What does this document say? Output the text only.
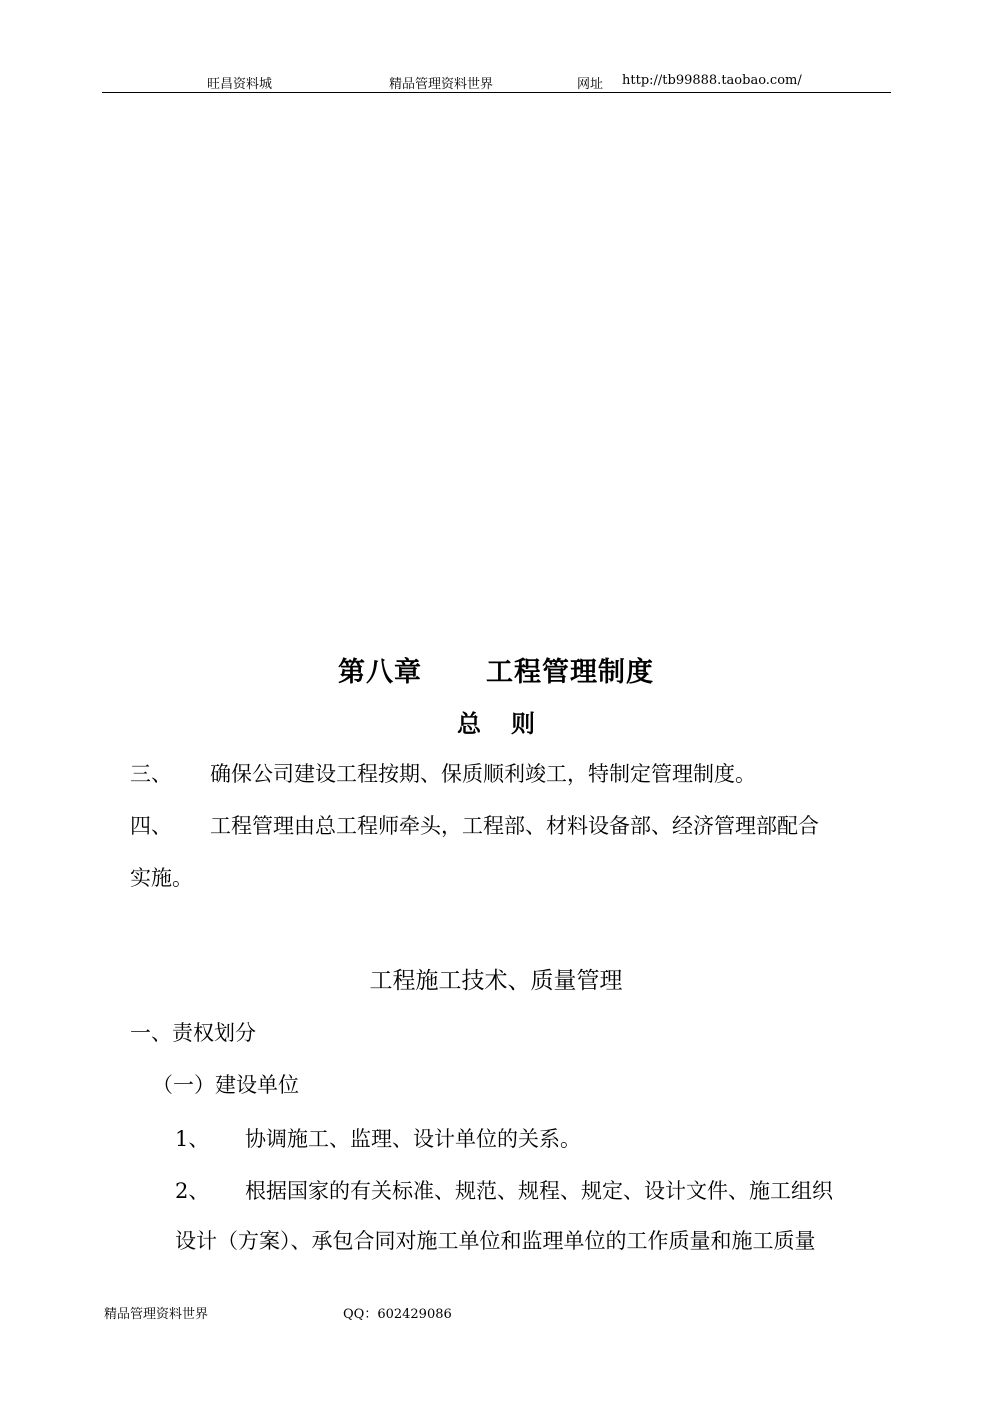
旺昌资料城	精品管理资料世界	网址 http://tb99888.taobao.com/
第八章 工程管理制度
总 则
三、 确保公司建设工程按期、保质顺利竣工，特制定管理制度。
四、 工程管理由总工程师牵头，工程部、材料设备部、经济管理部配合
实施。
工程施工技术、质量管理
一、责权划分
（一）建设单位
1、 协调施工、监理、设计单位的关系。
2、 根据国家的有关标准、规范、规程、规定、设计文件、施工组织
设计（方案）、承包合同对施工单位和监理单位的工作质量和施工质量
精品管理资料世界	QQ：602429086
